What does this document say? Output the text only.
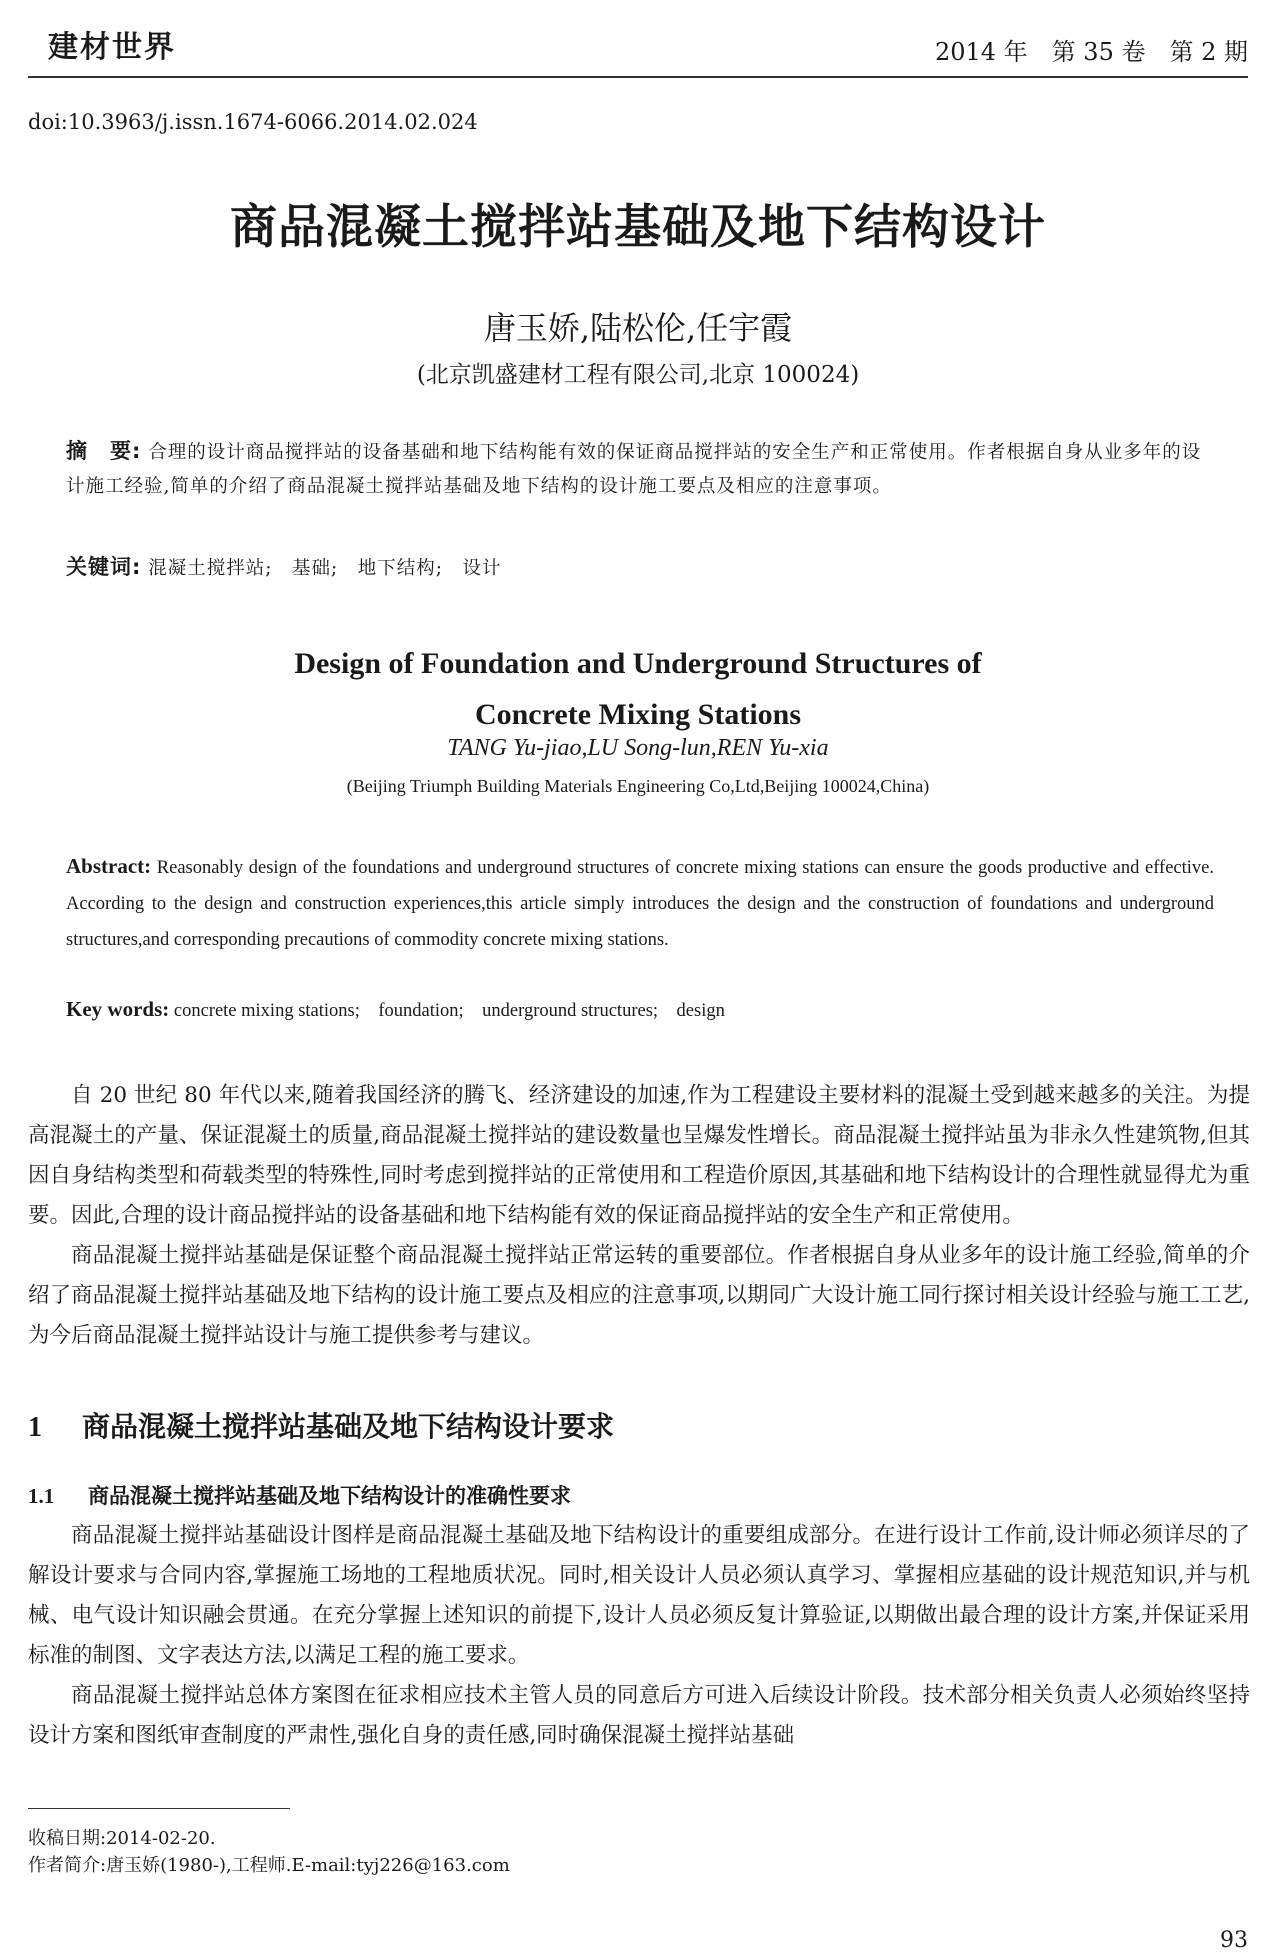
建材世界	2014 年　第 35 卷　第 2 期
doi:10.3963/j.issn.1674-6066.2014.02.024
商品混凝土搅拌站基础及地下结构设计
唐玉娇,陆松伦,任宇霞
(北京凯盛建材工程有限公司,北京 100024)
摘　要: 合理的设计商品搅拌站的设备基础和地下结构能有效的保证商品搅拌站的安全生产和正常使用。作者根据自身从业多年的设计施工经验,简单的介绍了商品混凝土搅拌站基础及地下结构的设计施工要点及相应的注意事项。
关键词: 混凝土搅拌站;　基础;　地下结构;　设计
Design of Foundation and Underground Structures of
Concrete Mixing Stations
TANG Yu-jiao,LU Song-lun,REN Yu-xia
(Beijing Triumph Building Materials Engineering Co,Ltd,Beijing 100024,China)
Abstract: Reasonably design of the foundations and underground structures of concrete mixing stations can ensure the goods productive and effective. According to the design and construction experiences,this article simply introduces the design and the construction of foundations and underground structures,and corresponding precautions of commodity concrete mixing stations.
Key words: concrete mixing stations;　foundation;　underground structures;　design

自 20 世纪 80 年代以来,随着我国经济的腾飞、经济建设的加速,作为工程建设主要材料的混凝土受到越来越多的关注。为提高混凝土的产量、保证混凝土的质量,商品混凝土搅拌站的建设数量也呈爆发性增长。商品混凝土搅拌站虽为非永久性建筑物,但其因自身结构类型和荷载类型的特殊性,同时考虑到搅拌站的正常使用和工程造价原因,其基础和地下结构设计的合理性就显得尤为重要。因此,合理的设计商品搅拌站的设备基础和地下结构能有效的保证商品搅拌站的安全生产和正常使用。

商品混凝土搅拌站基础是保证整个商品混凝土搅拌站正常运转的重要部位。作者根据自身从业多年的设计施工经验,简单的介绍了商品混凝土搅拌站基础及地下结构的设计施工要点及相应的注意事项,以期同广大设计施工同行探讨相关设计经验与施工工艺,为今后商品混凝土搅拌站设计与施工提供参考与建议。

1 商品混凝土搅拌站基础及地下结构设计要求
1.1 商品混凝土搅拌站基础及地下结构设计的准确性要求

商品混凝土搅拌站基础设计图样是商品混凝土基础及地下结构设计的重要组成部分。在进行设计工作前,设计师必须详尽的了解设计要求与合同内容,掌握施工场地的工程地质状况。同时,相关设计人员必须认真学习、掌握相应基础的设计规范知识,并与机械、电气设计知识融会贯通。在充分掌握上述知识的前提下,设计人员必须反复计算验证,以期做出最合理的设计方案,并保证采用标准的制图、文字表达方法,以满足工程的施工要求。

商品混凝土搅拌站总体方案图在征求相应技术主管人员的同意后方可进入后续设计阶段。技术部分相关负责人必须始终坚持设计方案和图纸审查制度的严肃性,强化自身的责任感,同时确保混凝土搅拌站基础

收稿日期:2014-02-20.
作者简介:唐玉娇(1980-),工程师.E-mail:tyj226@163.com
93
